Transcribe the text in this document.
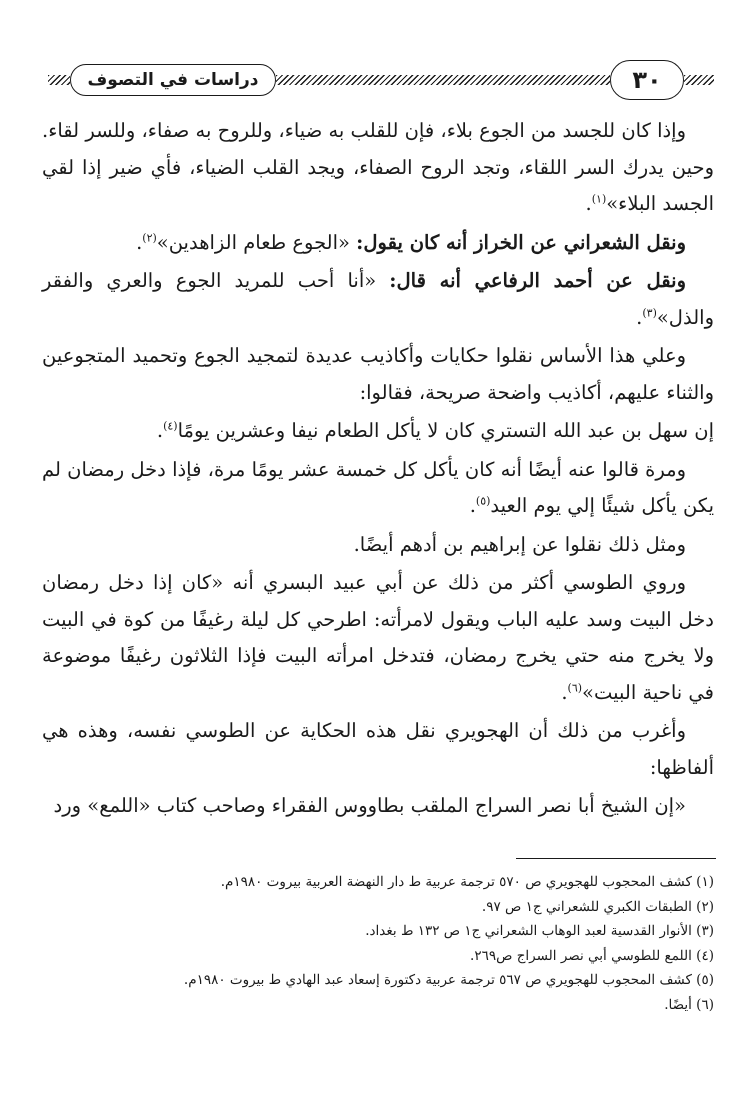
دراسات في التصوف	٣٠

وإذا كان للجسد من الجوع بلاء، فإن للقلب به ضياء، وللروح به صفاء، وللسر لقاء. وحين يدرك السر اللقاء، وتجد الروح الصفاء، ويجد القلب الضياء، فأي ضير إذا لقي الجسد البلاء»$^{(١)}$.

ونقل الشعراني عن الخراز أنه كان يقول: «الجوع طعام الزاهدين»$^{(٢)}$.

ونقل عن أحمد الرفاعي أنه قال: «أنا أحب للمريد الجوع والعري والفقر والذل»$^{(٣)}$.

وعلي هذا الأساس نقلوا حكايات وأكاذيب عديدة لتمجيد الجوع وتحميد المتجوعين والثناء عليهم، أكاذيب واضحة صريحة، فقالوا:

إن سهل بن عبد الله التستري كان لا يأكل الطعام نيفا وعشرين يومًا$^{(٤)}$.

ومرة قالوا عنه أيضًا أنه كان يأكل كل خمسة عشر يومًا مرة، فإذا دخل رمضان لم يكن يأكل شيئًا إلي يوم العيد$^{(٥)}$.

ومثل ذلك نقلوا عن إبراهيم بن أدهم أيضًا.

وروي الطوسي أكثر من ذلك عن أبي عبيد البسري أنه «كان إذا دخل رمضان دخل البيت وسد عليه الباب ويقول لامرأته: اطرحي كل ليلة رغيفًا من كوة في البيت ولا يخرج منه حتي يخرج رمضان، فتدخل امرأته البيت فإذا الثلاثون رغيفًا موضوعة في ناحية البيت»$^{(٦)}$.

وأغرب من ذلك أن الهجويري نقل هذه الحكاية عن الطوسي نفسه، وهذه هي ألفاظها:

«إن الشيخ أبا نصر السراج الملقب بطاووس الفقراء وصاحب كتاب «اللمع» ورد

(١) كشف المحجوب للهجويري ص ٥٧٠ ترجمة عربية ط دار النهضة العربية بيروت ١٩٨٠م.
(٢) الطبقات الكبري للشعراني ج١ ص ٩٧.
(٣) الأنوار القدسية لعبد الوهاب الشعراني ج١ ص ١٣٢ ط بغداد.
(٤) اللمع للطوسي أبي نصر السراج ص٢٦٩.
(٥) كشف المحجوب للهجويري ص ٥٦٧ ترجمة عربية دكتورة إسعاد عبد الهادي ط بيروت ١٩٨٠م.
(٦) أيضًا.
